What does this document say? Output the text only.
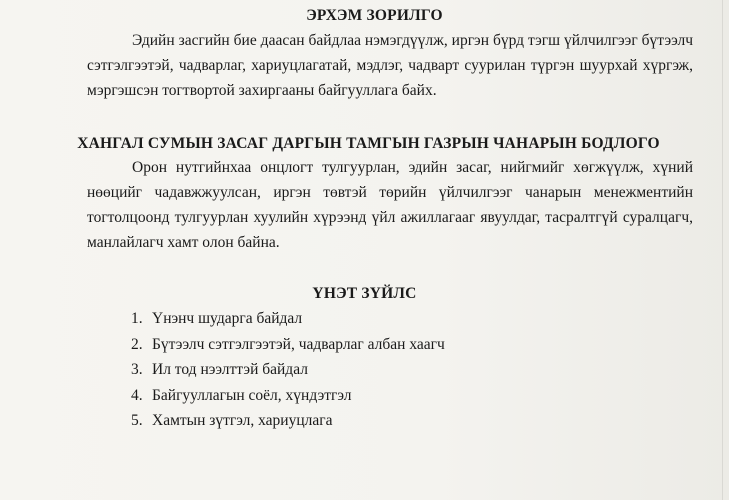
ЭРХЭМ ЗОРИЛГО
Эдийн засгийн бие даасан байдлаа нэмэгдүүлж, иргэн бүрд тэгш үйлчилгээг бүтээлч сэтгэлгээтэй, чадварлаг, хариуцлагатай, мэдлэг, чадварт суурилан түргэн шуурхай хүргэж, мэргэшсэн тогтвортой захиргааны байгууллага байх.
ХАНГАЛ СУМЫН ЗАСАГ ДАРГЫН ТАМГЫН ГАЗРЫН ЧАНАРЫН БОДЛОГО
Орон нутгийнхаа онцлогт тулгуурлан, эдийн засаг, нийгмийг хөгжүүлж, хүний нөөцийг чадавжжуулсан, иргэн төвтэй төрийн үйлчилгээг чанарын менежментийн тогтолцоонд тулгуурлан хуулийн хүрээнд үйл ажиллагааг явуулдаг, тасралтгүй суралцагч, манлайлагч хамт олон байна.
ҮНЭТ ЗҮЙЛС
1. Үнэнч шударга байдал
2. Бүтээлч сэтгэлгээтэй, чадварлаг албан хаагч
3. Ил тод нээлттэй байдал
4. Байгууллагын соёл, хүндэтгэл
5. Хамтын зүтгэл, хариуцлага
